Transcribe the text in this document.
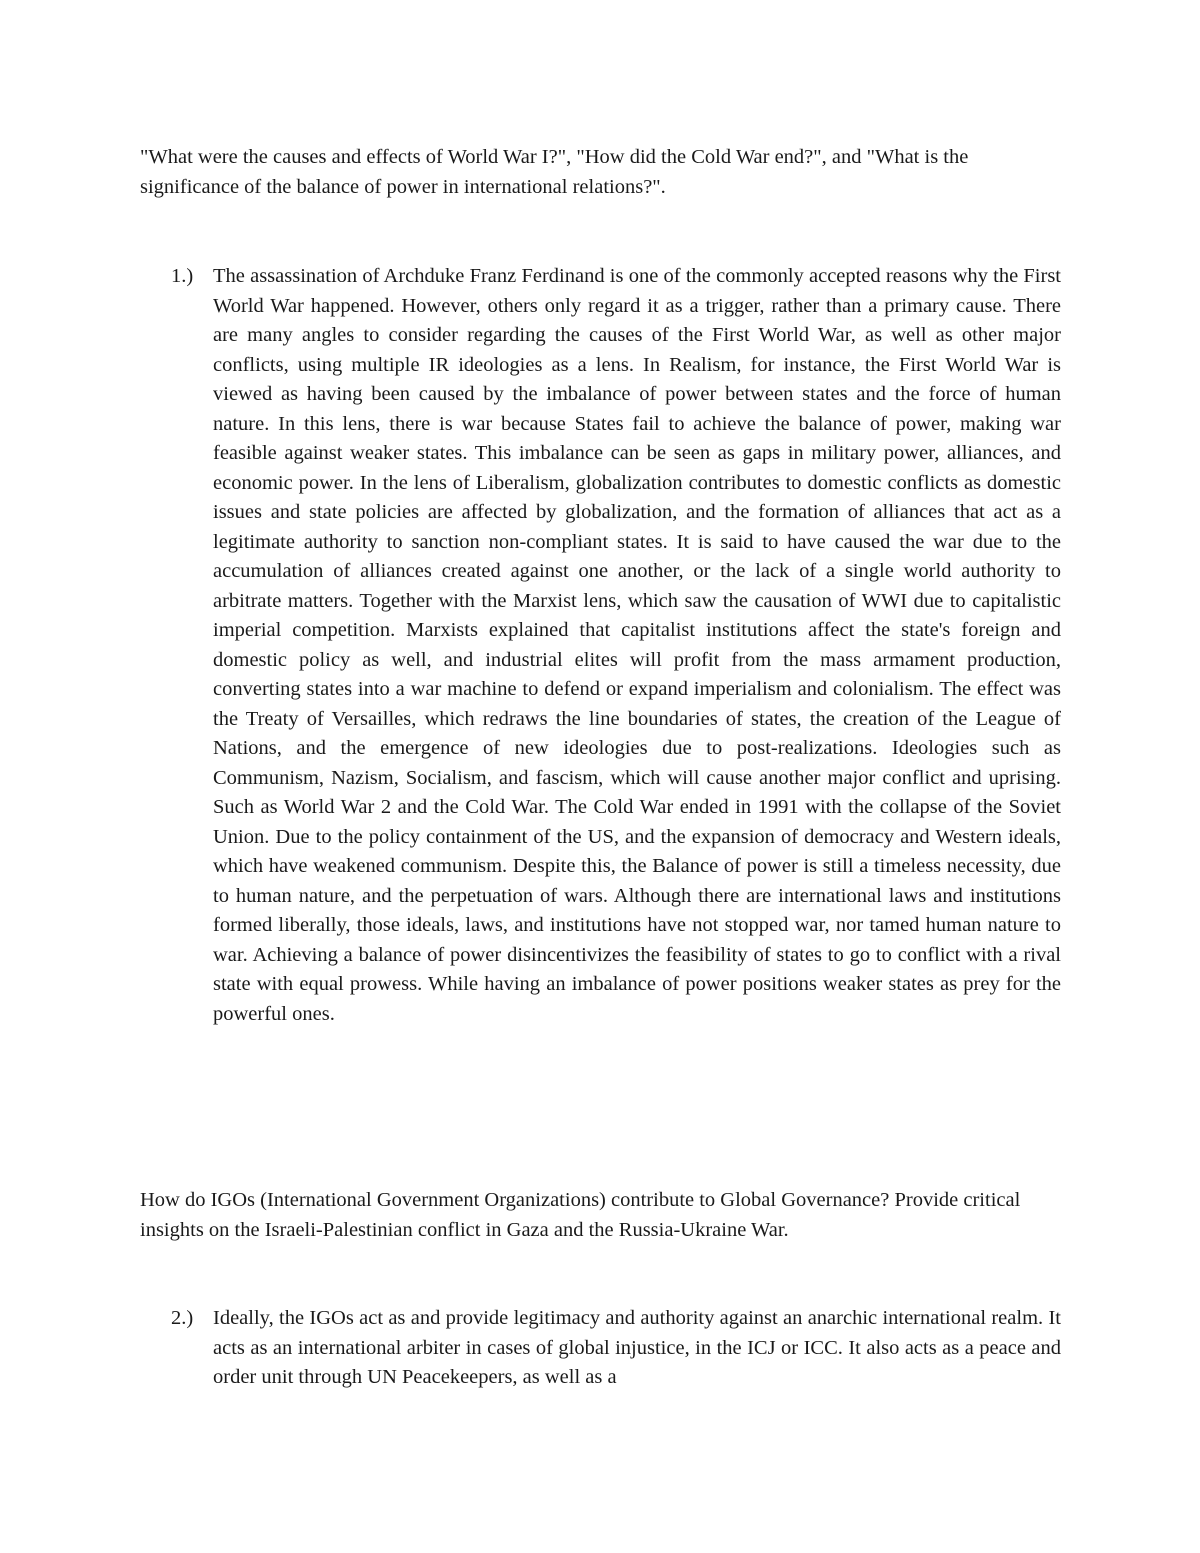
"What were the causes and effects of World War I?", "How did the Cold War end?", and "What is the significance of the balance of power in international relations?".

1.) The assassination of Archduke Franz Ferdinand is one of the commonly accepted reasons why the First World War happened. However, others only regard it as a trigger, rather than a primary cause. There are many angles to consider regarding the causes of the First World War, as well as other major conflicts, using multiple IR ideologies as a lens. In Realism, for instance, the First World War is viewed as having been caused by the imbalance of power between states and the force of human nature. In this lens, there is war because States fail to achieve the balance of power, making war feasible against weaker states. This imbalance can be seen as gaps in military power, alliances, and economic power. In the lens of Liberalism, globalization contributes to domestic conflicts as domestic issues and state policies are affected by globalization, and the formation of alliances that act as a legitimate authority to sanction non-compliant states. It is said to have caused the war due to the accumulation of alliances created against one another, or the lack of a single world authority to arbitrate matters. Together with the Marxist lens, which saw the causation of WWI due to capitalistic imperial competition. Marxists explained that capitalist institutions affect the state's foreign and domestic policy as well, and industrial elites will profit from the mass armament production, converting states into a war machine to defend or expand imperialism and colonialism. The effect was the Treaty of Versailles, which redraws the line boundaries of states, the creation of the League of Nations, and the emergence of new ideologies due to post-realizations. Ideologies such as Communism, Nazism, Socialism, and fascism, which will cause another major conflict and uprising. Such as World War 2 and the Cold War. The Cold War ended in 1991 with the collapse of the Soviet Union. Due to the policy containment of the US, and the expansion of democracy and Western ideals, which have weakened communism. Despite this, the Balance of power is still a timeless necessity, due to human nature, and the perpetuation of wars. Although there are international laws and institutions formed liberally, those ideals, laws, and institutions have not stopped war, nor tamed human nature to war. Achieving a balance of power disincentivizes the feasibility of states to go to conflict with a rival state with equal prowess. While having an imbalance of power positions weaker states as prey for the powerful ones.

How do IGOs (International Government Organizations) contribute to Global Governance? Provide critical insights on the Israeli-Palestinian conflict in Gaza and the Russia-Ukraine War.

2.) Ideally, the IGOs act as and provide legitimacy and authority against an anarchic international realm. It acts as an international arbiter in cases of global injustice, in the ICJ or ICC. It also acts as a peace and order unit through UN Peacekeepers, as well as a
